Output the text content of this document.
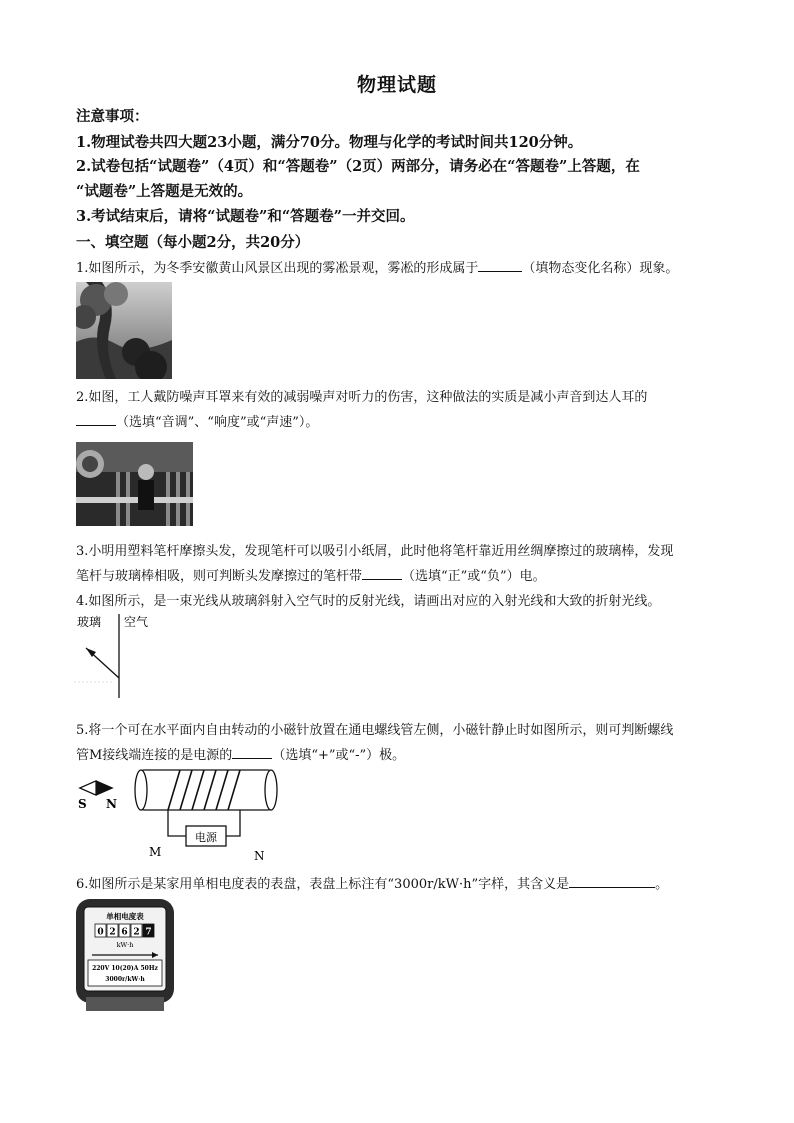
物理试题
注意事项：
1.物理试卷共四大题23小题，满分70分。物理与化学的考试时间共120分钟。
2.试卷包括“试题卷”（4页）和“答题卷”（2页）两部分，请务必在“答题卷”上答题，在
“试题卷”上答题是无效的。
3.考试结束后，请将“试题卷”和“答题卷”一并交回。
一、填空题（每小题2分，共20分）
1.如图所示，为冬季安徽黄山风景区出现的雾凇景观，雾凇的形成属于	（填物态变化名称）现象。
2.如图，工人戴防噪声耳罩来有效的减弱噪声对听力的伤害，这种做法的实质是减小声音到达人耳的
（选填“音调”、“响度”或“声速”）。
3.小明用塑料笔杆摩擦头发，发现笔杆可以吸引小纸屑，此时他将笔杆靠近用丝绸摩擦过的玻璃棒，发现
笔杆与玻璃棒相吸，则可判断头发摩擦过的笔杆带	（选填“正”或“负”）电。
4.如图所示，是一束光线从玻璃斜射入空气时的反射光线，请画出对应的入射光线和大致的折射光线。
玻璃 空气
5.将一个可在水平面内自由转动的小磁针放置在通电螺线管左侧，小磁针静止时如图所示，则可判断螺线
管M接线端连接的是电源的	（选填“+”或“-”）极。
S N
电源
M	N
6.如图所示是某家用单相电度表的表盘，表盘上标注有“3000r/kW·h”字样，其含义是	。
单相电度表
0 2 6 2 7
kW·h
220V 10(20)A 50Hz
3000r/kW·h
